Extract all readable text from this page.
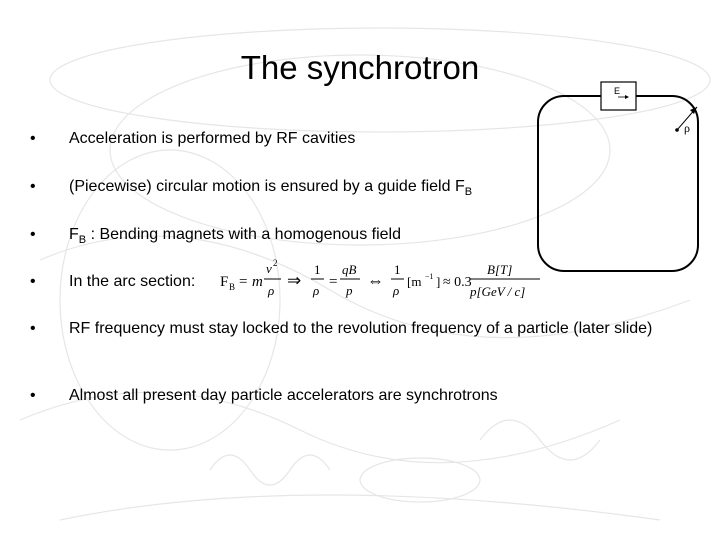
The synchrotron
• Acceleration is performed by RF cavities
• (Piecewise) circular motion is ensured by a guide field $F_B$
• $F_B$ : Bending magnets with a homogenous field
• In the arc section:
• RF frequency must stay locked to the revolution frequency of a particle (later slide)
• Almost all present day particle accelerators are synchrotrons
F B = m
v 2
ρ
⇒
1
ρ
=
qB
p
⇔
1
ρ
[m −1 ] ≈ 0.3
B[T]
p[GeV / c]
E
ρ
